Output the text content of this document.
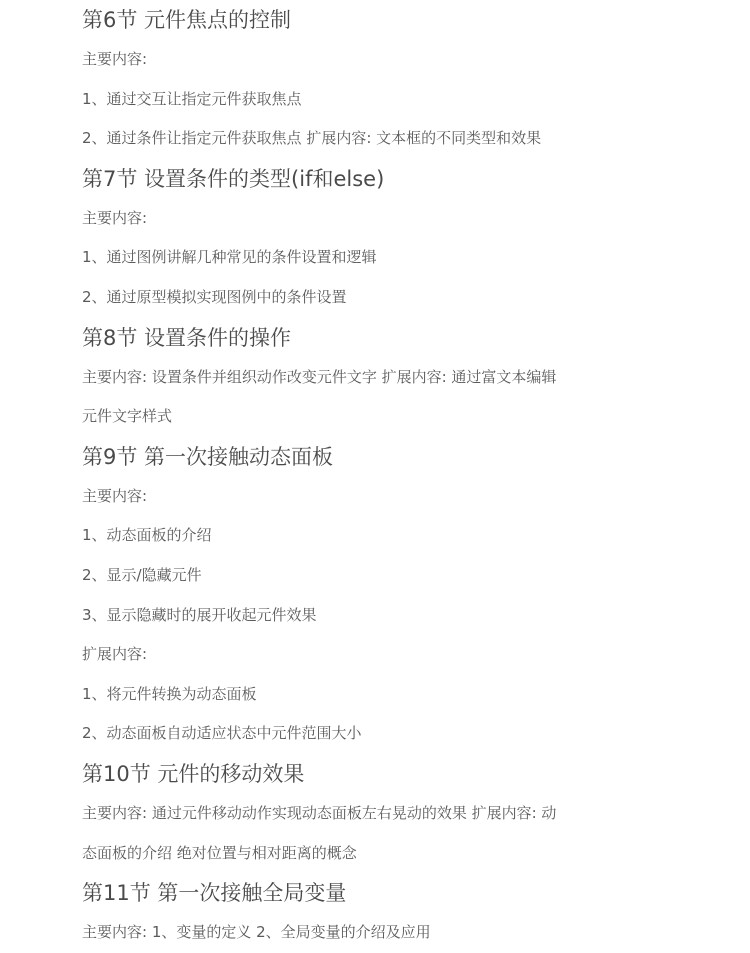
第6节 元件焦点的控制
主要内容:
1、通过交互让指定元件获取焦点
2、通过条件让指定元件获取焦点 扩展内容: 文本框的不同类型和效果
第7节 设置条件的类型(if和else)
主要内容:
1、通过图例讲解几种常见的条件设置和逻辑
2、通过原型模拟实现图例中的条件设置
第8节 设置条件的操作
主要内容: 设置条件并组织动作改变元件文字 扩展内容: 通过富文本编辑
元件文字样式
第9节 第一次接触动态面板
主要内容:
1、动态面板的介绍
2、显示/隐藏元件
3、显示隐藏时的展开收起元件效果
扩展内容:
1、将元件转换为动态面板
2、动态面板自动适应状态中元件范围大小
第10节 元件的移动效果
主要内容: 通过元件移动动作实现动态面板左右晃动的效果 扩展内容: 动
态面板的介绍 绝对位置与相对距离的概念
第11节 第一次接触全局变量
主要内容: 1、变量的定义 2、全局变量的介绍及应用
